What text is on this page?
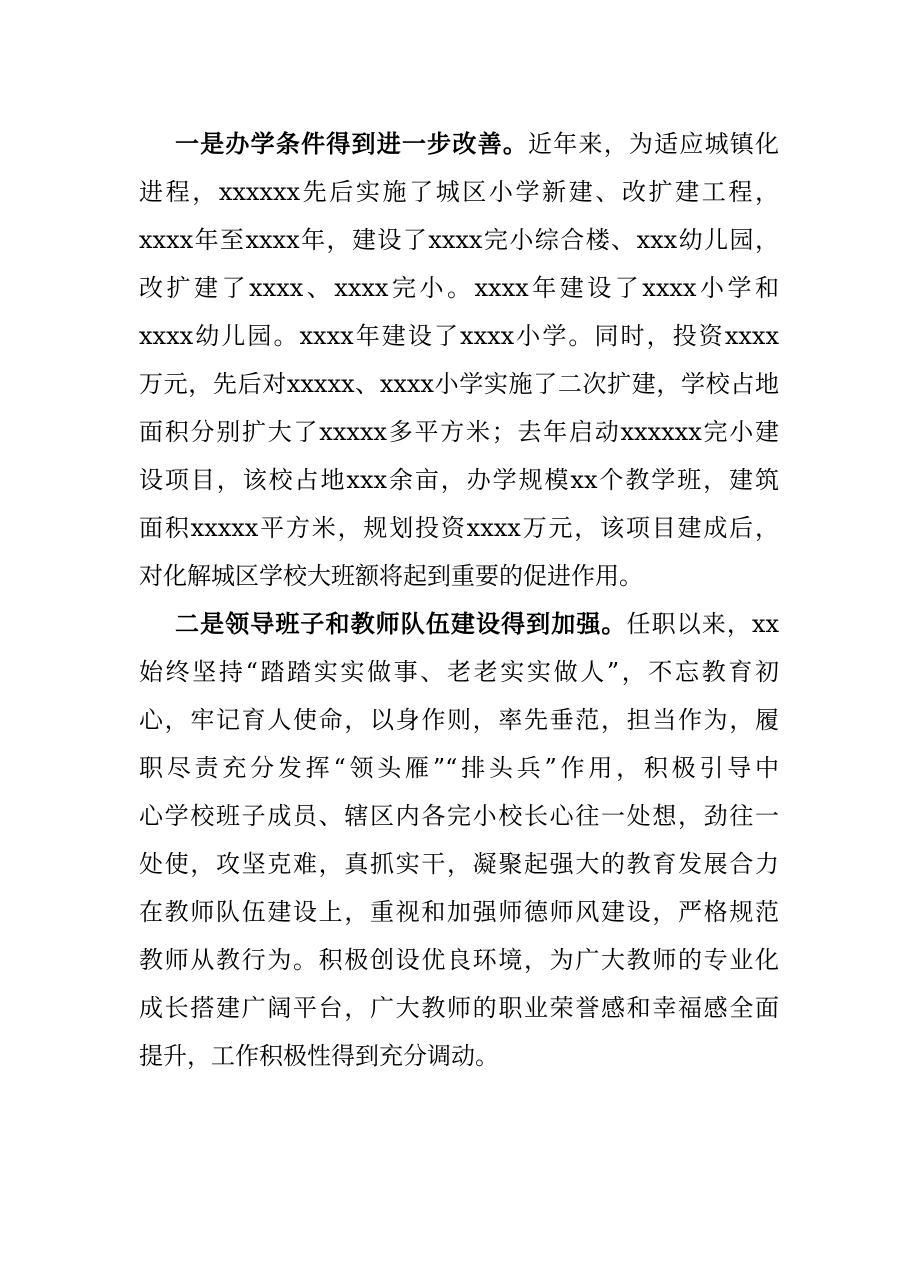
一是办学条件得到进一步改善。近年来，为适应城镇化
进程，xxxxxx先后实施了城区小学新建、改扩建工程，
xxxx年至xxxx年，建设了xxxx完小综合楼、xxx幼儿园，
改扩建了xxxx、xxxx完小。xxxx年建设了xxxx小学和
xxxx幼儿园。xxxx年建设了xxxx小学。同时，投资xxxx
万元，先后对xxxxx、xxxx小学实施了二次扩建，学校占地
面积分别扩大了xxxxx多平方米；去年启动xxxxxx完小建
设项目，该校占地xxx余亩，办学规模xx个教学班，建筑
面积xxxxx平方米，规划投资xxxx万元，该项目建成后，
对化解城区学校大班额将起到重要的促进作用。
二是领导班子和教师队伍建设得到加强。任职以来，xx
始终坚持“踏踏实实做事、老老实实做人”，不忘教育初
心，牢记育人使命，以身作则，率先垂范，担当作为，履
职尽责充分发挥“领头雁”“排头兵”作用，积极引导中
心学校班子成员、辖区内各完小校长心往一处想，劲往一
处使，攻坚克难，真抓实干，凝聚起强大的教育发展合力
在教师队伍建设上，重视和加强师德师风建设，严格规范
教师从教行为。积极创设优良环境，为广大教师的专业化
成长搭建广阔平台，广大教师的职业荣誉感和幸福感全面
提升，工作积极性得到充分调动。
